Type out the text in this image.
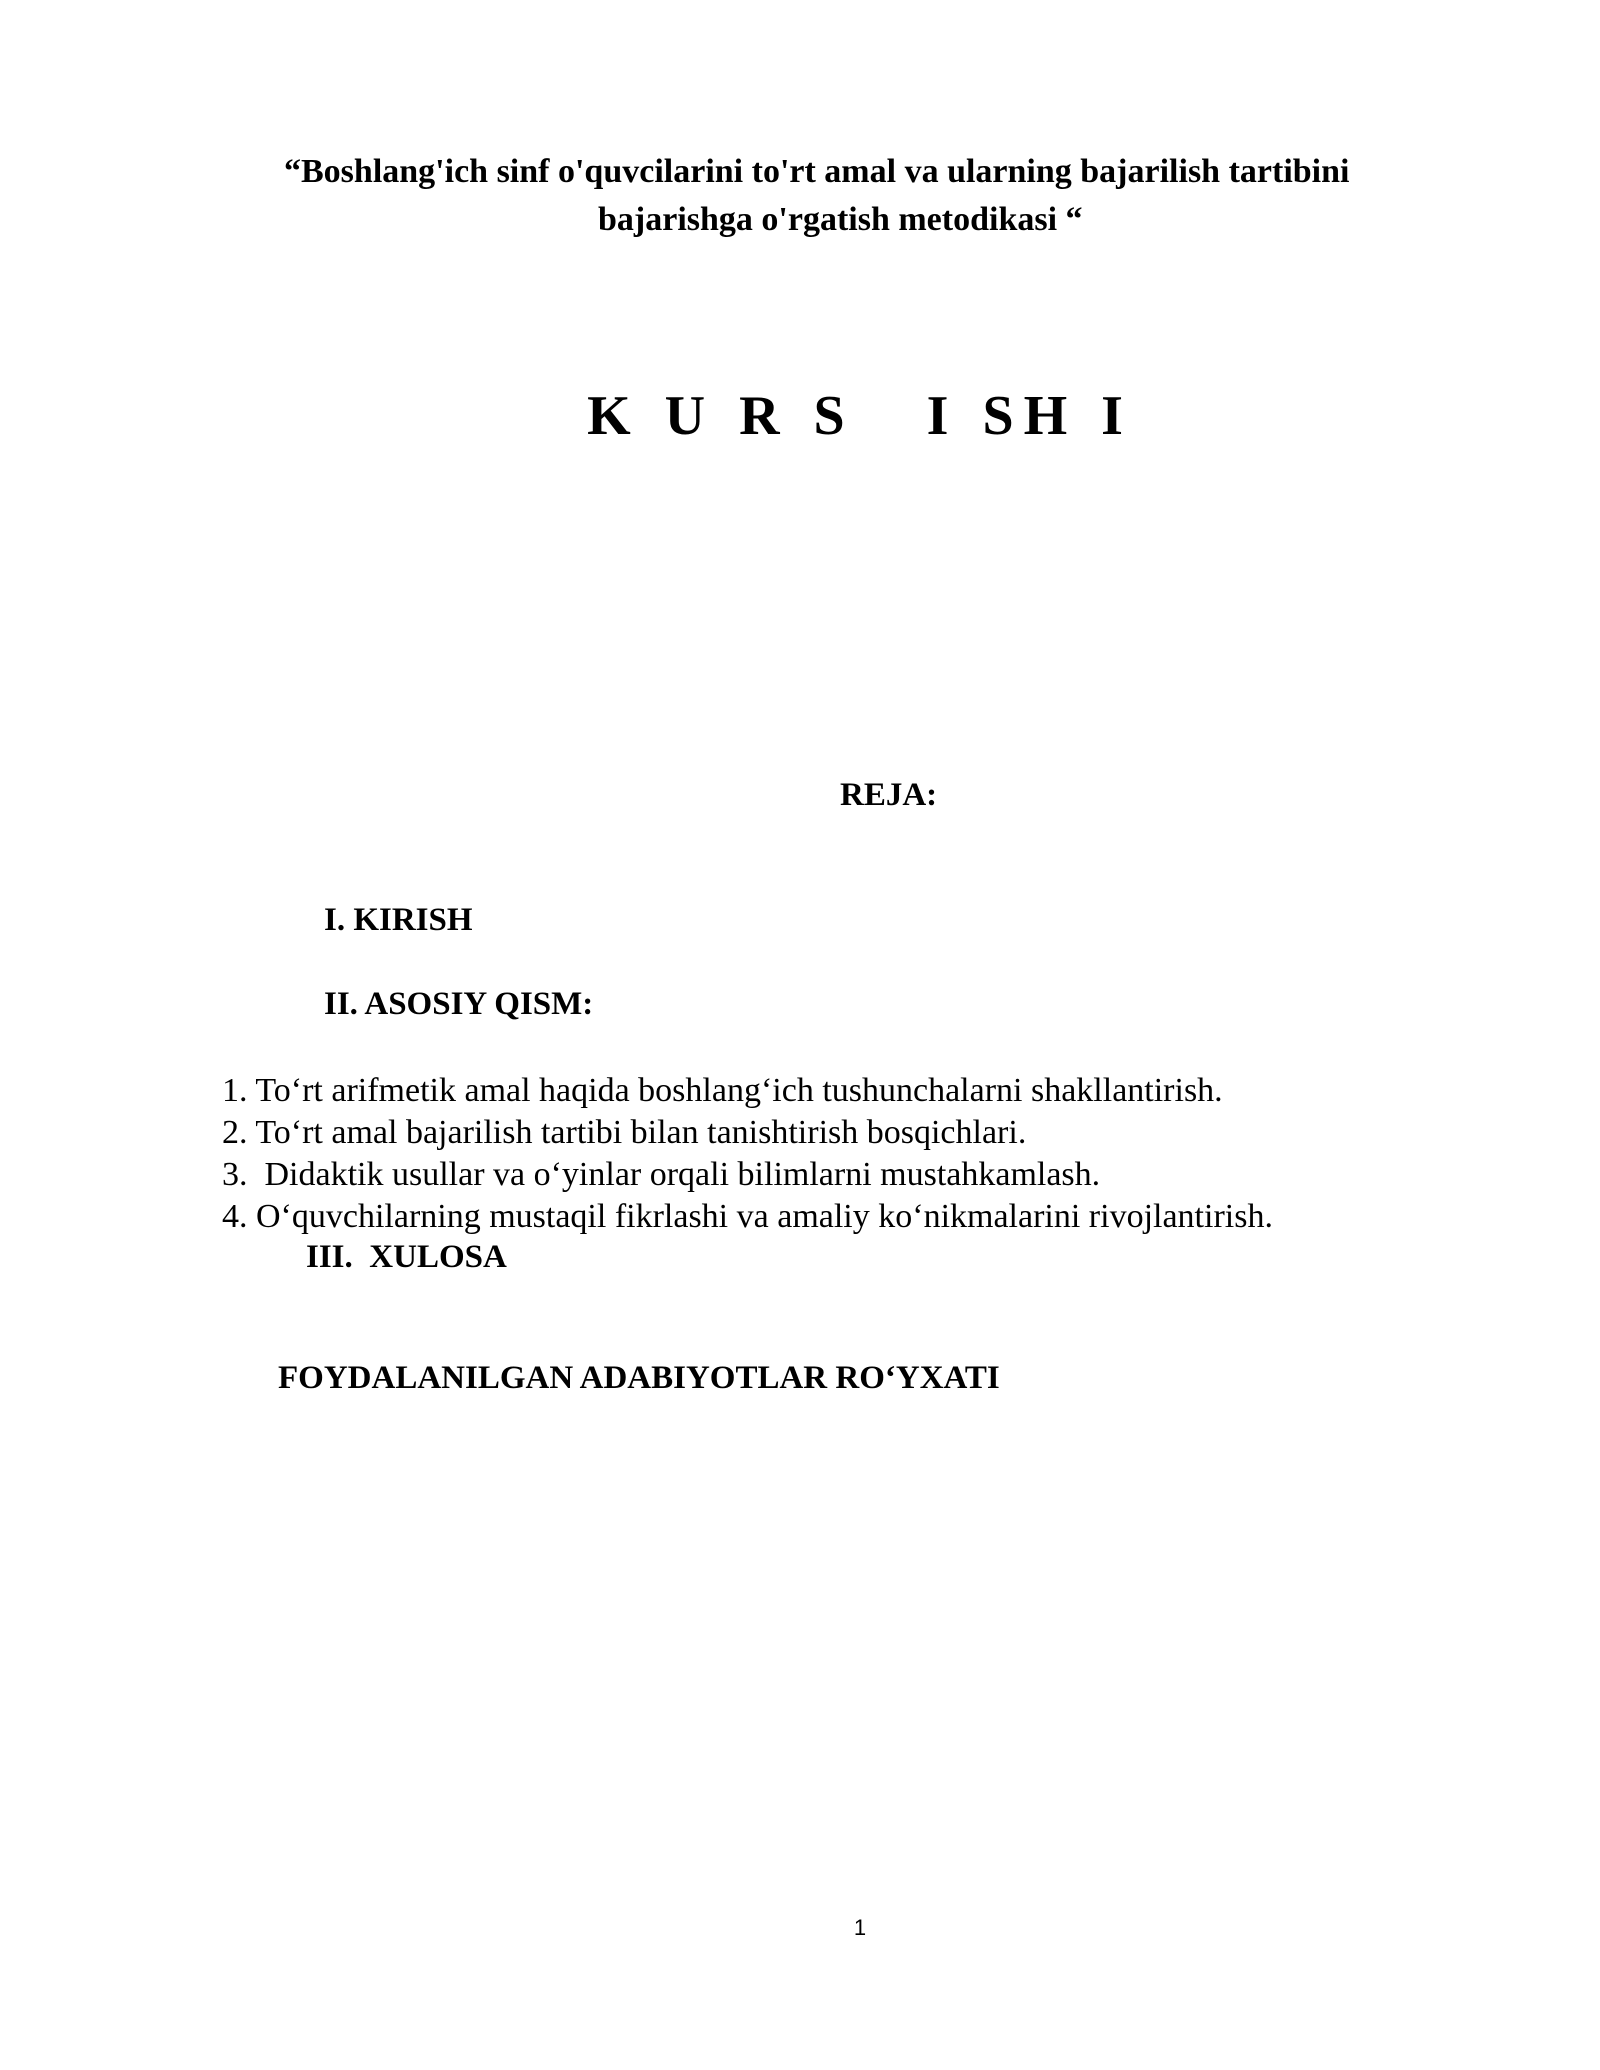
“Boshlang'ich sinf o'quvcilarini to'rt amal va ularning bajarilish tartibini

bajarishga o'rgatish metodikasi “

K U R S   I SH I

REJA:

I. KIRISH

II. ASOSIY QISM:

1. To‘rt arifmetik amal haqida boshlang‘ich tushunchalarni shakllantirish.

2. To‘rt amal bajarilish tartibi bilan tanishtirish bosqichlari.

3.  Didaktik usullar va o‘yinlar orqali bilimlarni mustahkamlash.

4. O‘quvchilarning mustaqil fikrlashi va amaliy ko‘nikmalarini rivojlantirish.

III.  XULOSA

FOYDALANILGAN ADABIYOTLAR RO‘YXATI

1
